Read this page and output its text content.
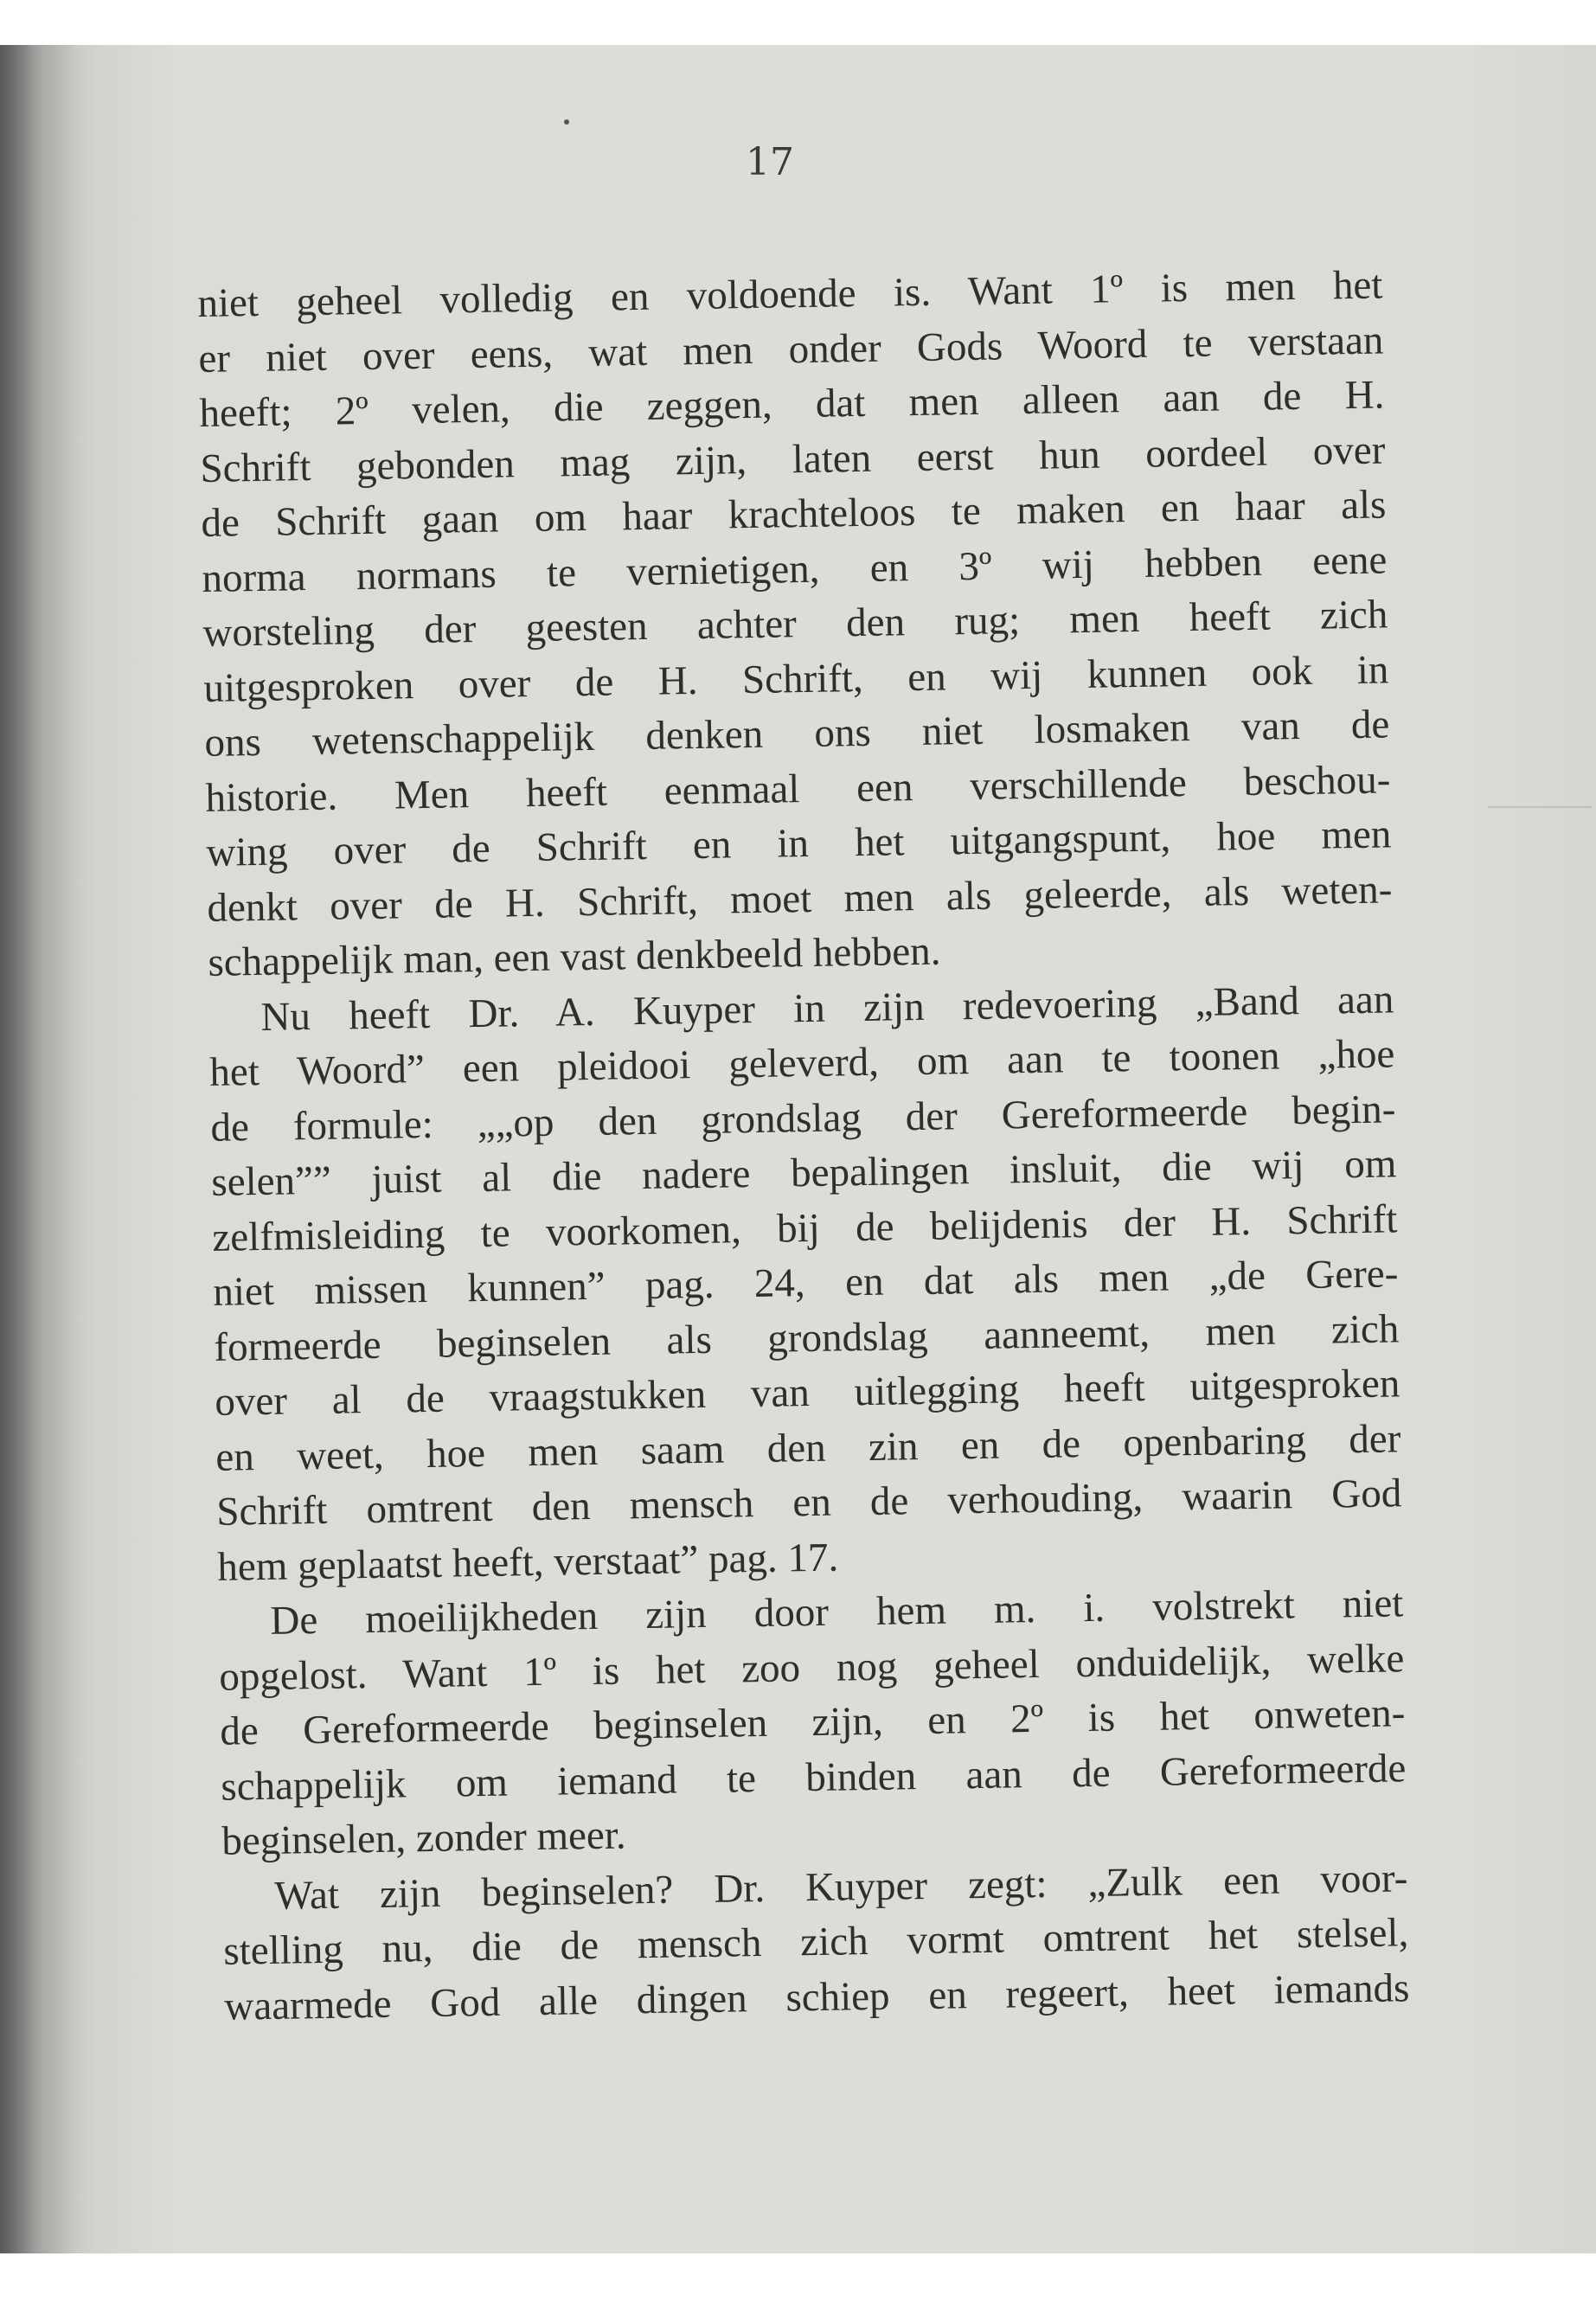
17
niet geheel volledig en voldoende is. Want 1º is men het
er niet over eens, wat men onder Gods Woord te verstaan
heeft; 2º velen, die zeggen, dat men alleen aan de H.
Schrift gebonden mag zijn, laten eerst hun oordeel over
de Schrift gaan om haar krachteloos te maken en haar als
norma normans te vernietigen, en 3º wij hebben eene
worsteling der geesten achter den rug; men heeft zich
uitgesproken over de H. Schrift, en wij kunnen ook in
ons wetenschappelijk denken ons niet losmaken van de
historie. Men heeft eenmaal een verschillende beschou-
wing over de Schrift en in het uitgangspunt, hoe men
denkt over de H. Schrift, moet men als geleerde, als weten-
schappelijk man, een vast denkbeeld hebben.
Nu heeft Dr. A. Kuyper in zijn redevoering „Band aan
het Woord” een pleidooi geleverd, om aan te toonen „hoe
de formule: „„op den grondslag der Gereformeerde begin-
selen”” juist al die nadere bepalingen insluit, die wij om
zelfmisleiding te voorkomen, bij de belijdenis der H. Schrift
niet missen kunnen” pag. 24, en dat als men „de Gere-
formeerde beginselen als grondslag aanneemt, men zich
over al de vraagstukken van uitlegging heeft uitgesproken
en weet, hoe men saam den zin en de openbaring der
Schrift omtrent den mensch en de verhouding, waarin God
hem geplaatst heeft, verstaat” pag. 17.
De moeilijkheden zijn door hem m. i. volstrekt niet
opgelost. Want 1º is het zoo nog geheel onduidelijk, welke
de Gereformeerde beginselen zijn, en 2º is het onweten-
schappelijk om iemand te binden aan de Gereformeerde
beginselen, zonder meer.
Wat zijn beginselen? Dr. Kuyper zegt: „Zulk een voor-
stelling nu, die de mensch zich vormt omtrent het stelsel,
waarmede God alle dingen schiep en regeert, heet iemands
